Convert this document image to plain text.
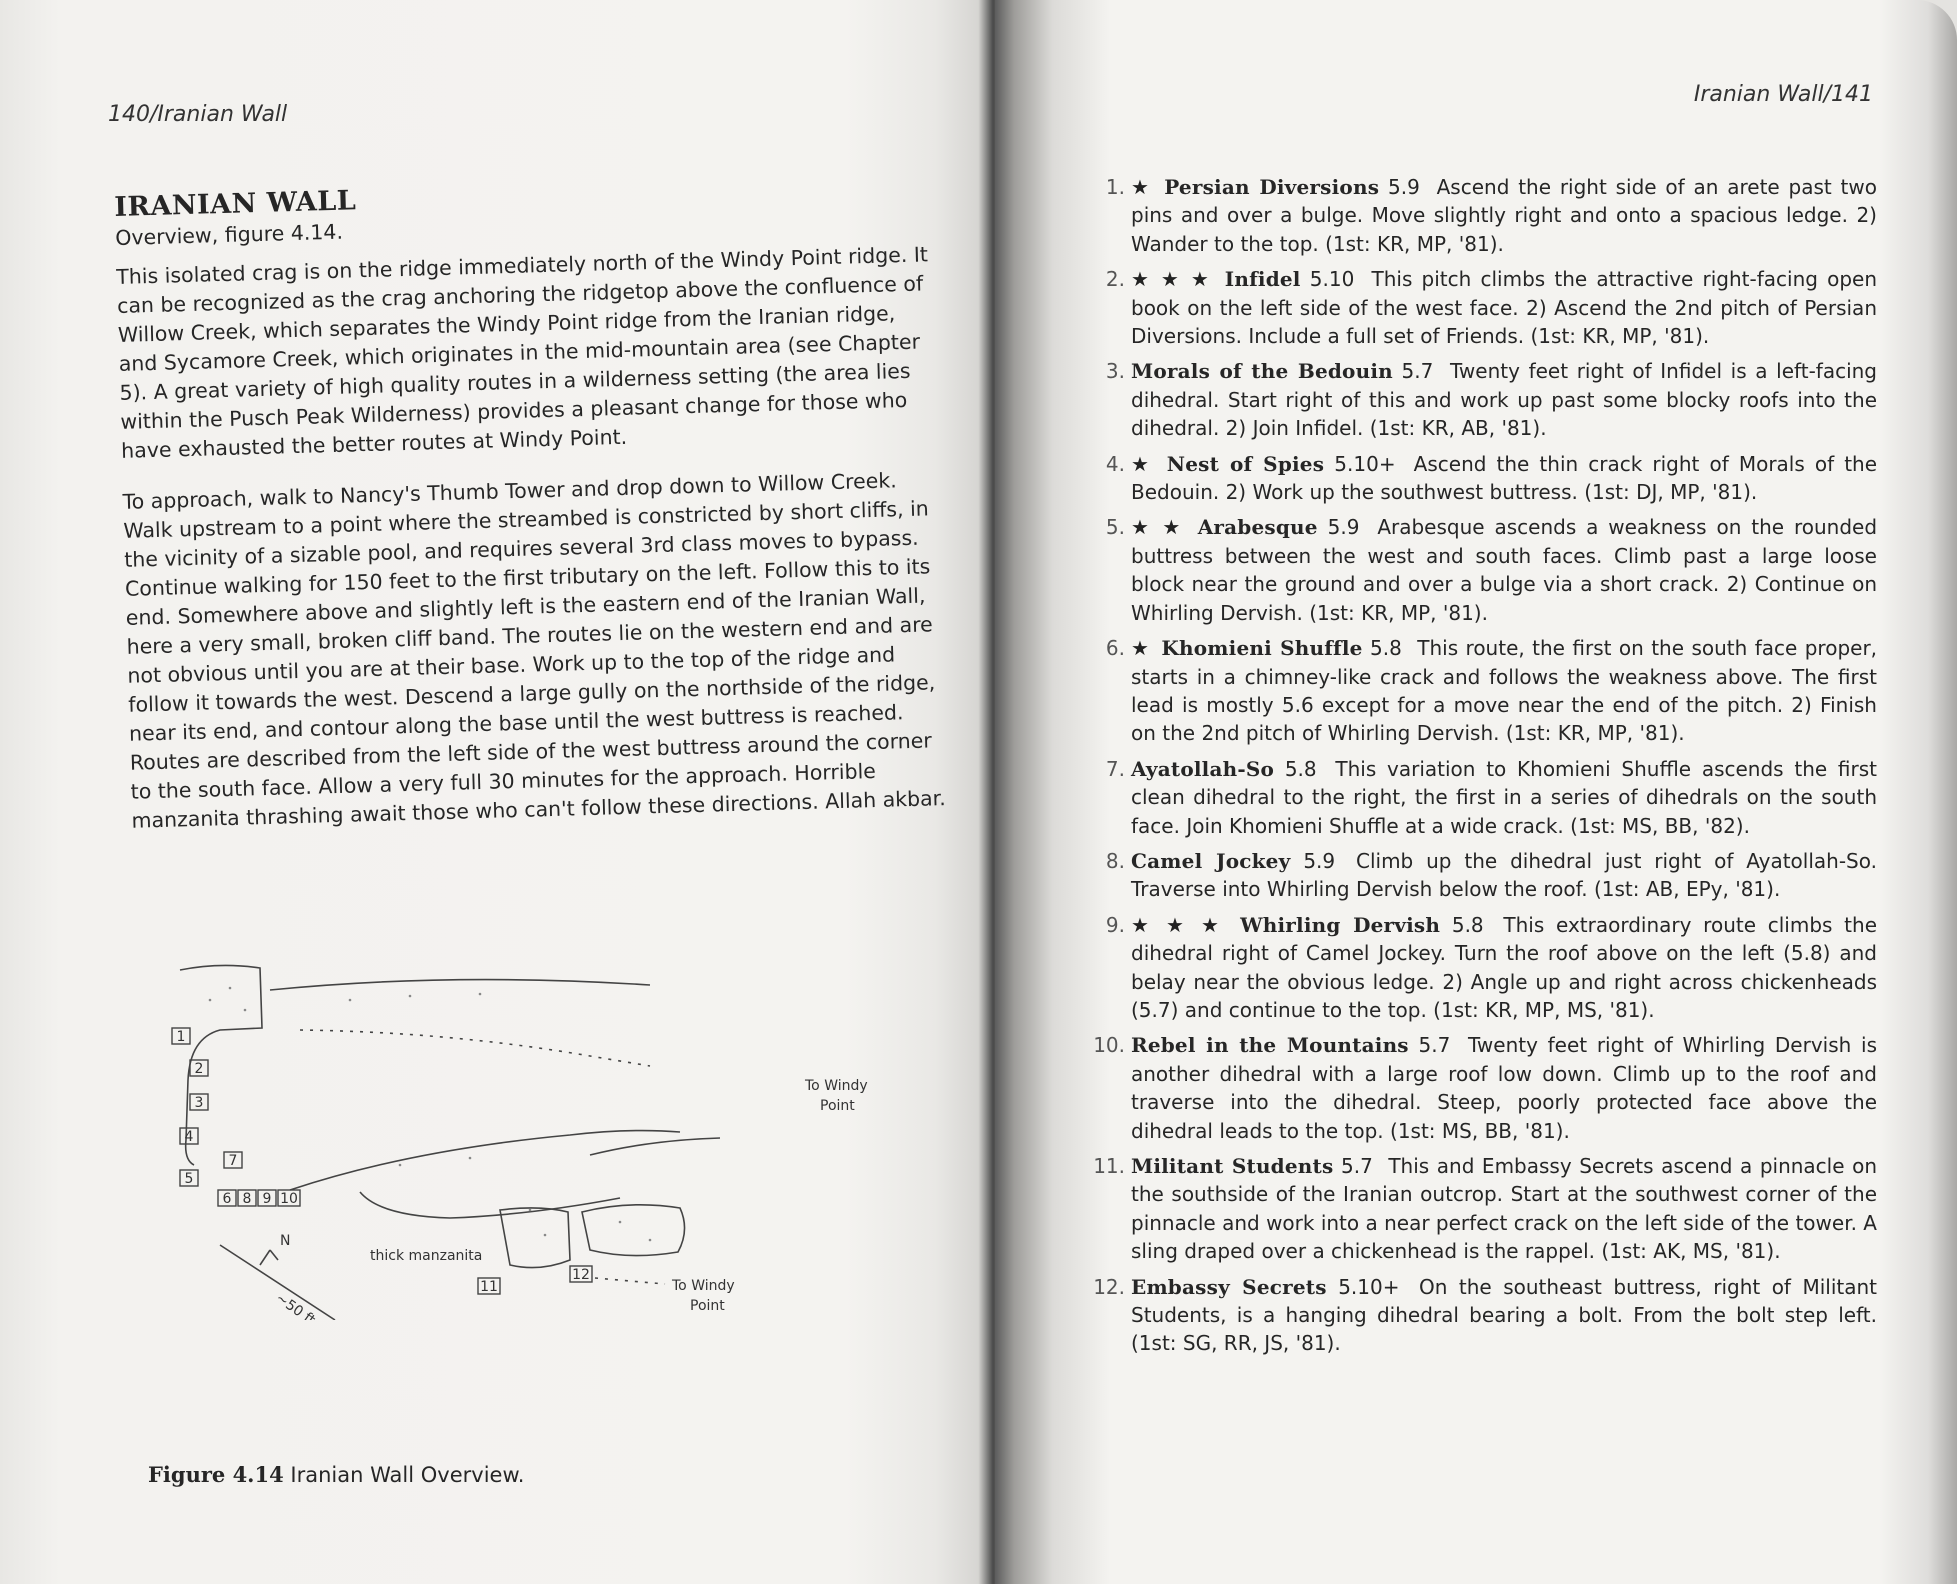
140/Iranian Wall
IRANIAN WALL
Overview, figure 4.14.

This isolated crag is on the ridge immediately north of the Windy Point ridge. It can be recognized as the crag anchoring the ridgetop above the confluence of Willow Creek, which separates the Windy Point ridge from the Iranian ridge, and Sycamore Creek, which originates in the mid-mountain area (see Chapter 5). A great variety of high quality routes in a wilderness setting (the area lies within the Pusch Peak Wilderness) provides a pleasant change for those who have exhausted the better routes at Windy Point.

To approach, walk to Nancy's Thumb Tower and drop down to Willow Creek. Walk upstream to a point where the streambed is constricted by short cliffs, in the vicinity of a sizable pool, and requires several 3rd class moves to bypass. Continue walking for 150 feet to the first tributary on the left. Follow this to its end. Somewhere above and slightly left is the eastern end of the Iranian Wall, here a very small, broken cliff band. The routes lie on the western end and are not obvious until you are at their base. Work up to the top of the ridge and follow it towards the west. Descend a large gully on the northside of the ridge, near its end, and contour along the base until the west buttress is reached. Routes are described from the left side of the west buttress around the corner to the south face. Allow a very full 30 minutes for the approach. Horrible manzanita thrashing await those who can't follow these directions. Allah akbar.

1
2
3
4
5
7
6 8 9 10
11
12
To Windy
Point
To Windy
Point
thick manzanita
N
~50 ft
Figure 4.14 Iranian Wall Overview.
Iranian Wall/141
1. ★ Persian Diversions 5.9 Ascend the right side of an arete past two pins and over a bulge. Move slightly right and onto a spacious ledge. 2) Wander to the top. (1st: KR, MP, '81).
2. ★ ★ ★ Infidel 5.10 This pitch climbs the attractive right-facing open book on the left side of the west face. 2) Ascend the 2nd pitch of Persian Diversions. Include a full set of Friends. (1st: KR, MP, '81).
3. Morals of the Bedouin 5.7 Twenty feet right of Infidel is a left-facing dihedral. Start right of this and work up past some blocky roofs into the dihedral. 2) Join Infidel. (1st: KR, AB, '81).
4. ★ Nest of Spies 5.10+ Ascend the thin crack right of Morals of the Bedouin. 2) Work up the southwest buttress. (1st: DJ, MP, '81).
5. ★ ★ Arabesque 5.9 Arabesque ascends a weakness on the rounded buttress between the west and south faces. Climb past a large loose block near the ground and over a bulge via a short crack. 2) Continue on Whirling Dervish. (1st: KR, MP, '81).
6. ★ Khomieni Shuffle 5.8 This route, the first on the south face proper, starts in a chimney-like crack and follows the weakness above. The first lead is mostly 5.6 except for a move near the end of the pitch. 2) Finish on the 2nd pitch of Whirling Dervish. (1st: KR, MP, '81).
7. Ayatollah-So 5.8 This variation to Khomieni Shuffle ascends the first clean dihedral to the right, the first in a series of dihedrals on the south face. Join Khomieni Shuffle at a wide crack. (1st: MS, BB, '82).
8. Camel Jockey 5.9 Climb up the dihedral just right of Ayatollah-So. Traverse into Whirling Dervish below the roof. (1st: AB, EPy, '81).
9. ★ ★ ★ Whirling Dervish 5.8 This extraordinary route climbs the dihedral right of Camel Jockey. Turn the roof above on the left (5.8) and belay near the obvious ledge. 2) Angle up and right across chickenheads (5.7) and continue to the top. (1st: KR, MP, MS, '81).
10. Rebel in the Mountains 5.7 Twenty feet right of Whirling Dervish is another dihedral with a large roof low down. Climb up to the roof and traverse into the dihedral. Steep, poorly protected face above the dihedral leads to the top. (1st: MS, BB, '81).
11. Militant Students 5.7 This and Embassy Secrets ascend a pinnacle on the southside of the Iranian outcrop. Start at the southwest corner of the pinnacle and work into a near perfect crack on the left side of the tower. A sling draped over a chickenhead is the rappel. (1st: AK, MS, '81).
12. Embassy Secrets 5.10+ On the southeast buttress, right of Militant Students, is a hanging dihedral bearing a bolt. From the bolt step left. (1st: SG, RR, JS, '81).
